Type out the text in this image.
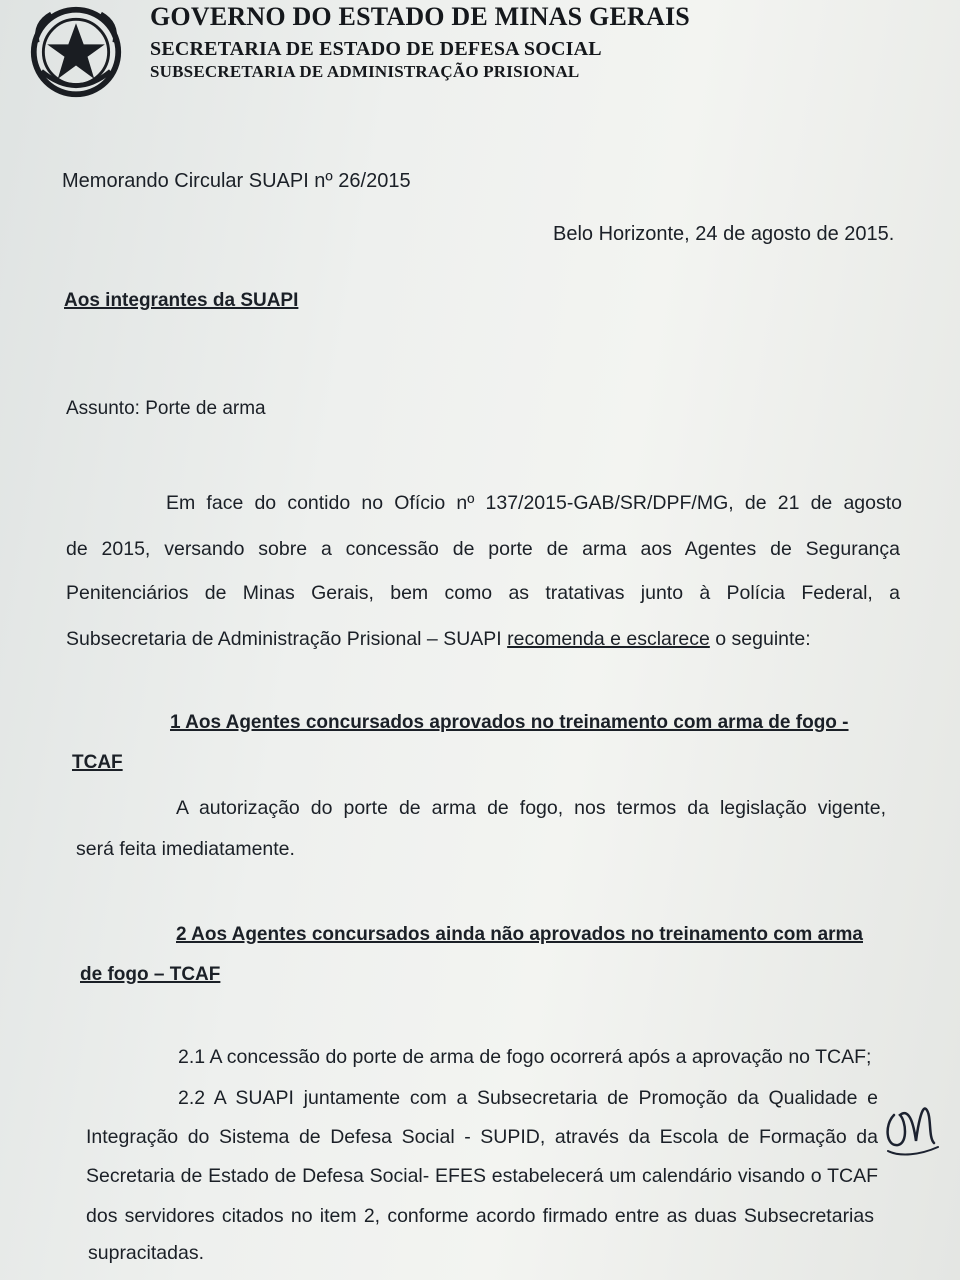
GOVERNO DO ESTADO DE MINAS GERAIS
SECRETARIA DE ESTADO DE DEFESA SOCIAL
SUBSECRETARIA DE ADMINISTRAÇÃO PRISIONAL
Memorando Circular SUAPI nº 26/2015
Belo Horizonte, 24 de agosto de 2015.
Aos integrantes da SUAPI
Assunto: Porte de arma
Em face do contido no Ofício nº 137/2015-GAB/SR/DPF/MG, de 21 de agosto
de 2015, versando sobre a concessão de porte de arma aos Agentes de Segurança
Penitenciários de Minas Gerais, bem como as tratativas junto à Polícia Federal, a
Subsecretaria de Administração Prisional – SUAPI recomenda e esclarece o seguinte:
1 Aos Agentes concursados aprovados no treinamento com arma de fogo -
TCAF
A autorização do porte de arma de fogo, nos termos da legislação vigente,
será feita imediatamente.
2 Aos Agentes concursados ainda não aprovados no treinamento com arma
de fogo – TCAF
2.1 A concessão do porte de arma de fogo ocorrerá após a aprovação no TCAF;
2.2 A SUAPI juntamente com a Subsecretaria de Promoção da Qualidade e
Integração do Sistema de Defesa Social - SUPID, através da Escola de Formação da
Secretaria de Estado de Defesa Social- EFES estabelecerá um calendário visando o TCAF
dos servidores citados no item 2, conforme acordo firmado entre as duas Subsecretarias
supracitadas.
